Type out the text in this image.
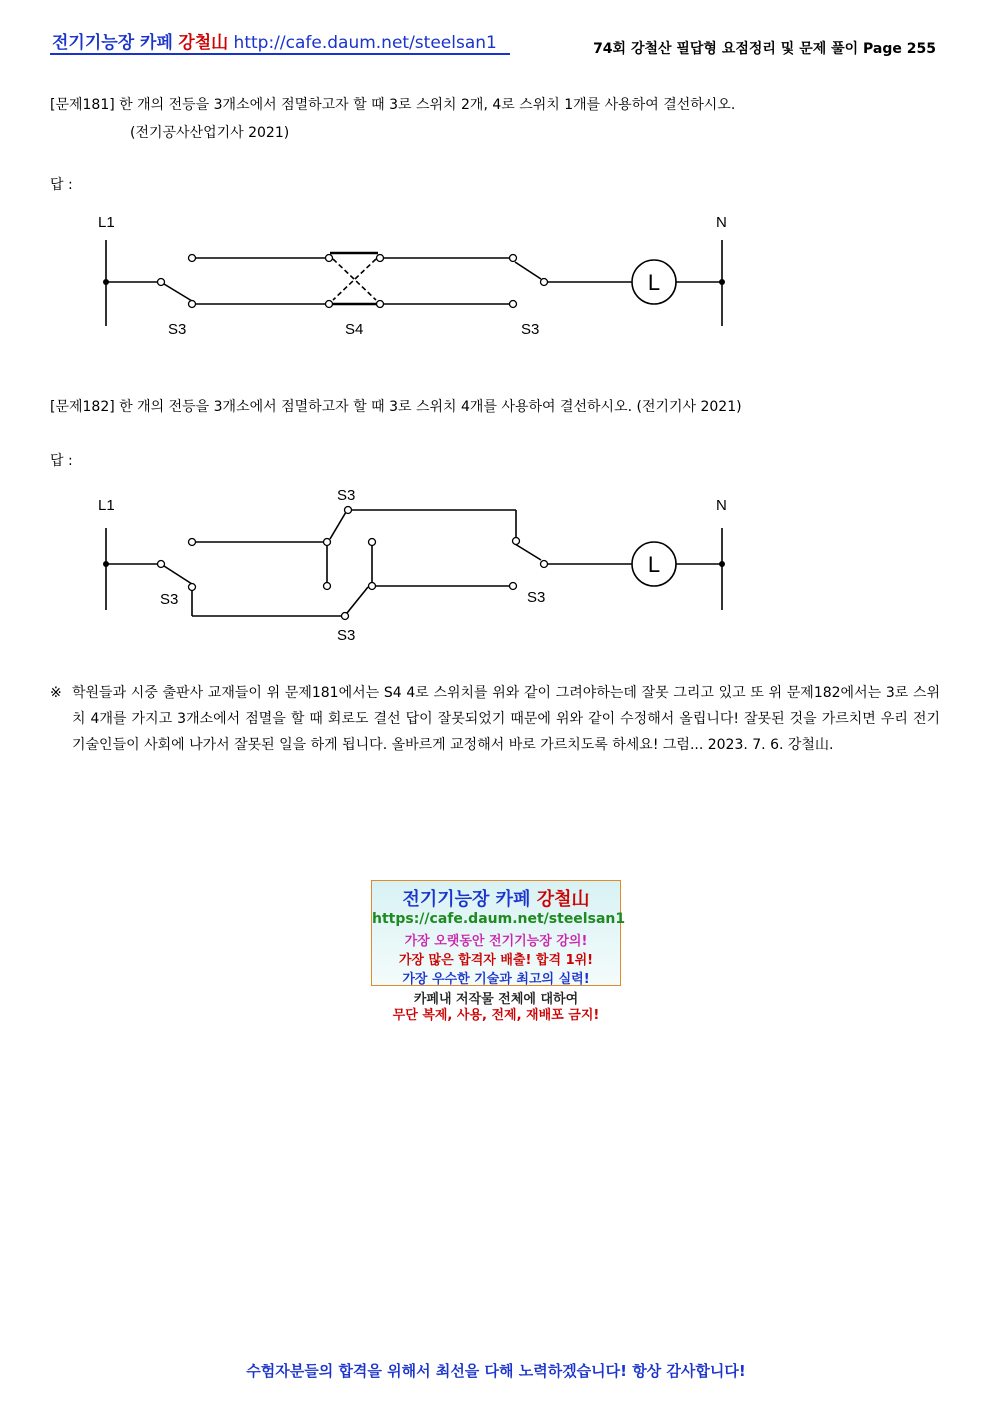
전기기능장 카페 강철山 http://cafe.daum.net/steelsan1	74회 강철산 필답형 요점정리 및 문제 풀이 Page 255
[문제181] 한 개의 전등을 3개소에서 점멸하고자 할 때 3로 스위치 2개, 4로 스위치 1개를 사용하여 결선하시오.
(전기공사산업기사 2021)
답 :
L1	N
L
S3	S4	S3
[문제182] 한 개의 전등을 3개소에서 점멸하고자 할 때 3로 스위치 4개를 사용하여 결선하시오. (전기기사 2021)
답 :
L1	N
L
S3
S3
S3
S3
※ 학원들과 시중 출판사 교재들이 위 문제181에서는 S4 4로 스위치를 위와 같이 그려야하는데 잘못 그리고 있고 또 위 문제182에서는 3로 스위치 4개를 가지고 3개소에서 점멸을 할 때 회로도 결선 답이 잘못되었기 때문에 위와 같이 수정해서 올립니다! 잘못된 것을 가르치면 우리 전기기술인들이 사회에 나가서 잘못된 일을 하게 됩니다. 올바르게 교정해서 바로 가르치도록 하세요! 그럼... 2023. 7. 6. 강철山.
전기기능장 카페 강철山
https://cafe.daum.net/steelsan1
가장 오랫동안 전기기능장 강의!
가장 많은 합격자 배출! 합격 1위!
가장 우수한 기술과 최고의 실력!
카페내 저작물 전체에 대하여
무단 복제, 사용, 전제, 재배포 금지!
수험자분들의 합격을 위해서 최선을 다해 노력하겠습니다! 항상 감사합니다!
